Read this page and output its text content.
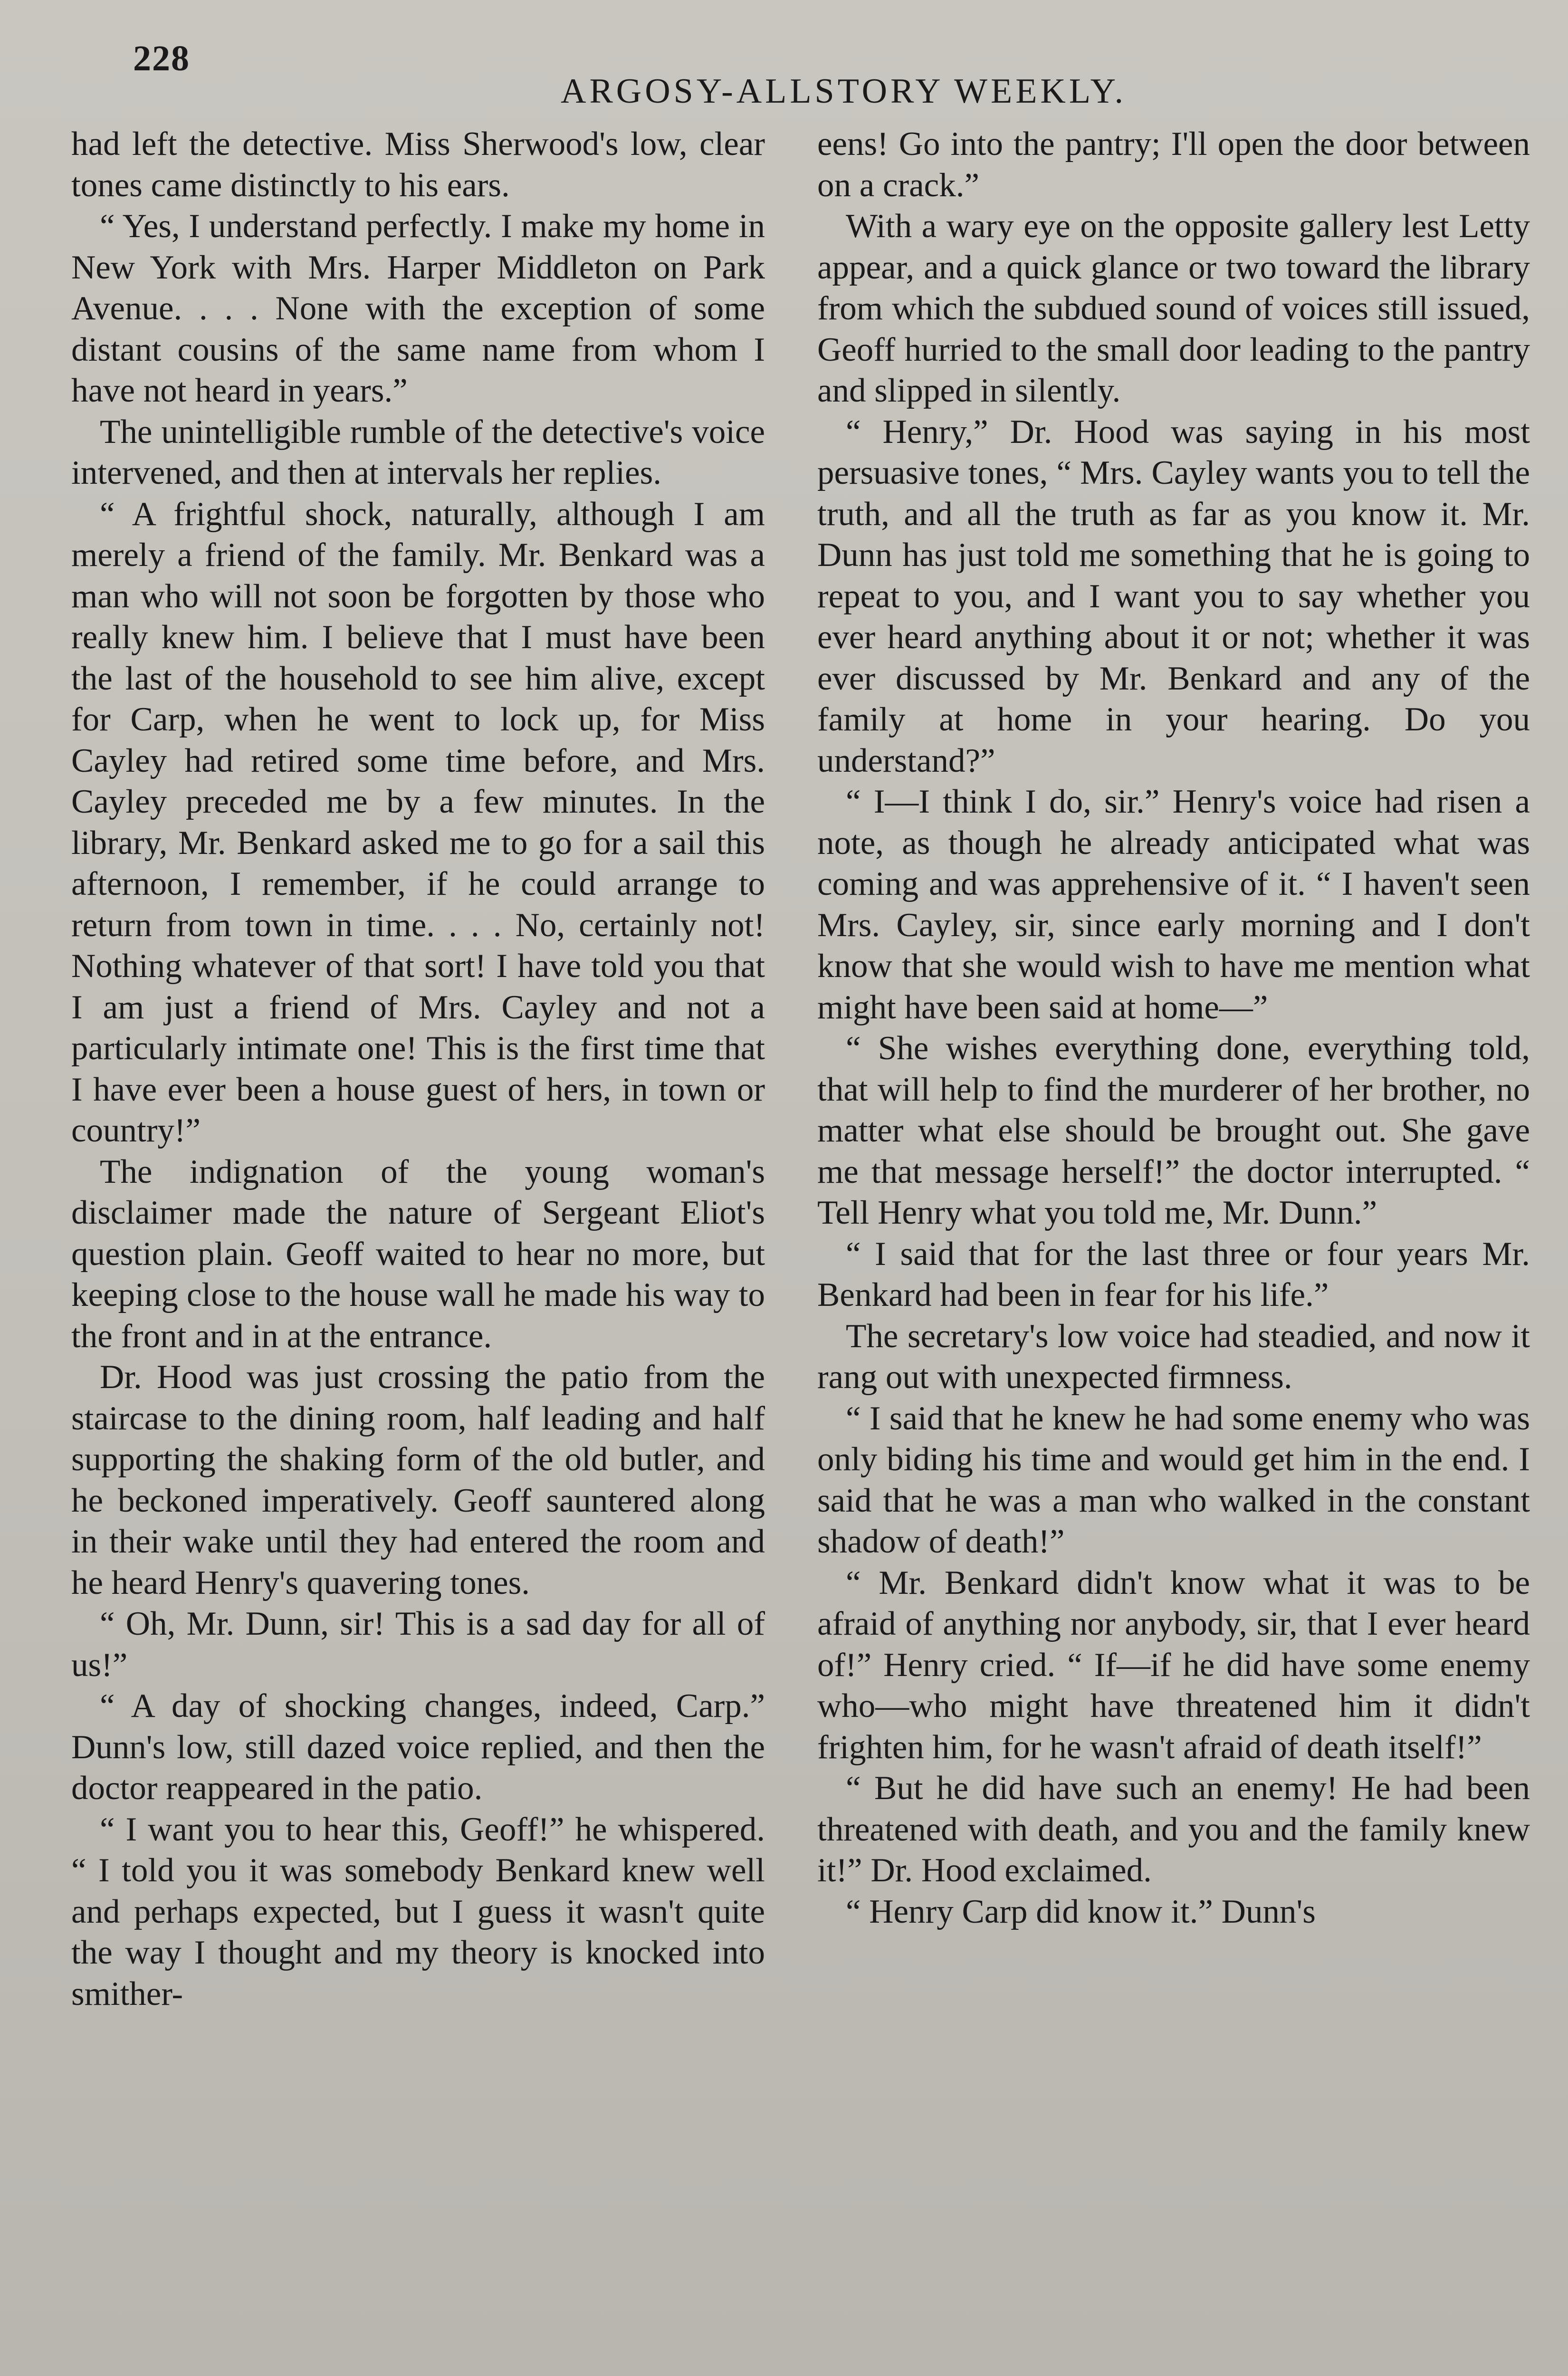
228
ARGOSY-ALLSTORY WEEKLY.

had left the detective. Miss Sherwood's low, clear tones came distinctly to his ears.

“ Yes, I understand perfectly. I make my home in New York with Mrs. Harper Middleton on Park Avenue. . . . None with the exception of some distant cousins of the same name from whom I have not heard in years.”

The unintelligible rumble of the detective's voice intervened, and then at intervals her replies.

“ A frightful shock, naturally, although I am merely a friend of the family. Mr. Benkard was a man who will not soon be forgotten by those who really knew him. I believe that I must have been the last of the household to see him alive, except for Carp, when he went to lock up, for Miss Cayley had retired some time before, and Mrs. Cayley preceded me by a few minutes. In the library, Mr. Benkard asked me to go for a sail this afternoon, I remember, if he could arrange to return from town in time. . . . No, certainly not! Nothing whatever of that sort! I have told you that I am just a friend of Mrs. Cayley and not a particularly intimate one! This is the first time that I have ever been a house guest of hers, in town or country!”

The indignation of the young woman's disclaimer made the nature of Sergeant Eliot's question plain. Geoff waited to hear no more, but keeping close to the house wall he made his way to the front and in at the entrance.

Dr. Hood was just crossing the patio from the staircase to the dining room, half leading and half supporting the shaking form of the old butler, and he beckoned imperatively. Geoff sauntered along in their wake until they had entered the room and he heard Henry's quavering tones.

“ Oh, Mr. Dunn, sir! This is a sad day for all of us!”

“ A day of shocking changes, indeed, Carp.” Dunn's low, still dazed voice replied, and then the doctor reappeared in the patio.

“ I want you to hear this, Geoff!” he whispered. “ I told you it was somebody Benkard knew well and perhaps expected, but I guess it wasn't quite the way I thought and my theory is knocked into smither-

eens! Go into the pantry; I'll open the door between on a crack.”

With a wary eye on the opposite gallery lest Letty appear, and a quick glance or two toward the library from which the subdued sound of voices still issued, Geoff hurried to the small door leading to the pantry and slipped in silently.

“ Henry,” Dr. Hood was saying in his most persuasive tones, “ Mrs. Cayley wants you to tell the truth, and all the truth as far as you know it. Mr. Dunn has just told me something that he is going to repeat to you, and I want you to say whether you ever heard anything about it or not; whether it was ever discussed by Mr. Benkard and any of the family at home in your hearing. Do you understand?”

“ I—I think I do, sir.” Henry's voice had risen a note, as though he already anticipated what was coming and was apprehensive of it. “ I haven't seen Mrs. Cayley, sir, since early morning and I don't know that she would wish to have me mention what might have been said at home—”

“ She wishes everything done, everything told, that will help to find the murderer of her brother, no matter what else should be brought out. She gave me that message herself!” the doctor interrupted. “ Tell Henry what you told me, Mr. Dunn.”

“ I said that for the last three or four years Mr. Benkard had been in fear for his life.”

The secretary's low voice had steadied, and now it rang out with unexpected firmness.

“ I said that he knew he had some enemy who was only biding his time and would get him in the end. I said that he was a man who walked in the constant shadow of death!”

“ Mr. Benkard didn't know what it was to be afraid of anything nor anybody, sir, that I ever heard of!” Henry cried. “ If—if he did have some enemy who—who might have threatened him it didn't frighten him, for he wasn't afraid of death itself!”

“ But he did have such an enemy! He had been threatened with death, and you and the family knew it!” Dr. Hood exclaimed.

“ Henry Carp did know it.” Dunn's
